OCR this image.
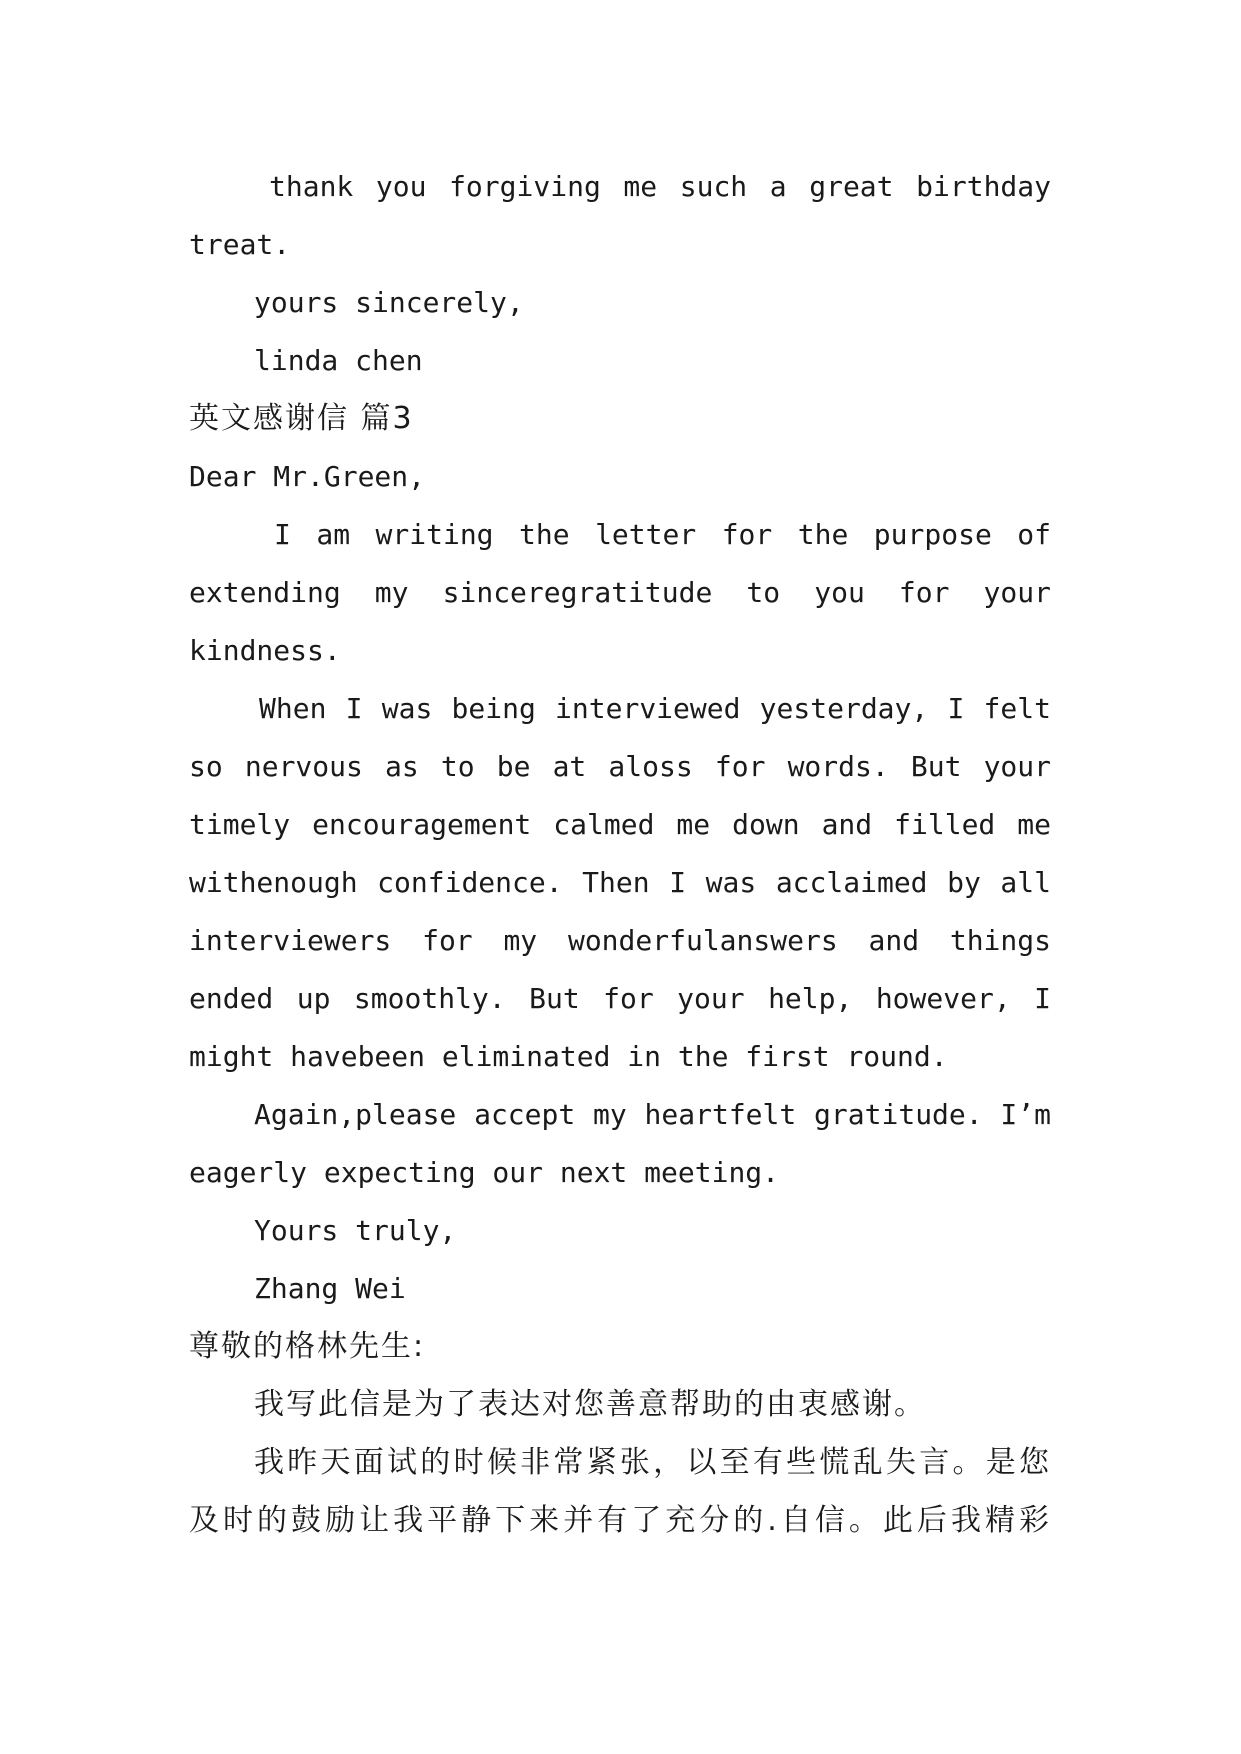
thank you forgiving me such a great birthday
treat.
yours sincerely,
linda chen
英文感谢信 篇3
Dear Mr.Green,
I am writing the letter for the purpose of
extending my sinceregratitude to you for your
kindness.
When I was being interviewed yesterday, I felt
so nervous as to be at aloss for words. But your
timely encouragement calmed me down and filled me
withenough confidence. Then I was acclaimed by all
interviewers for my wonderfulanswers and things
ended up smoothly. But for your help, however, I
might havebeen eliminated in the first round.
Again,please accept my heartfelt gratitude. I’m
eagerly expecting our next meeting.
Yours truly,
Zhang Wei
尊敬的格林先生:
我写此信是为了表达对您善意帮助的由衷感谢。
我昨天面试的时候非常紧张，以至有些慌乱失言。是您
及时的鼓励让我平静下来并有了充分的.自信。此后我精彩
